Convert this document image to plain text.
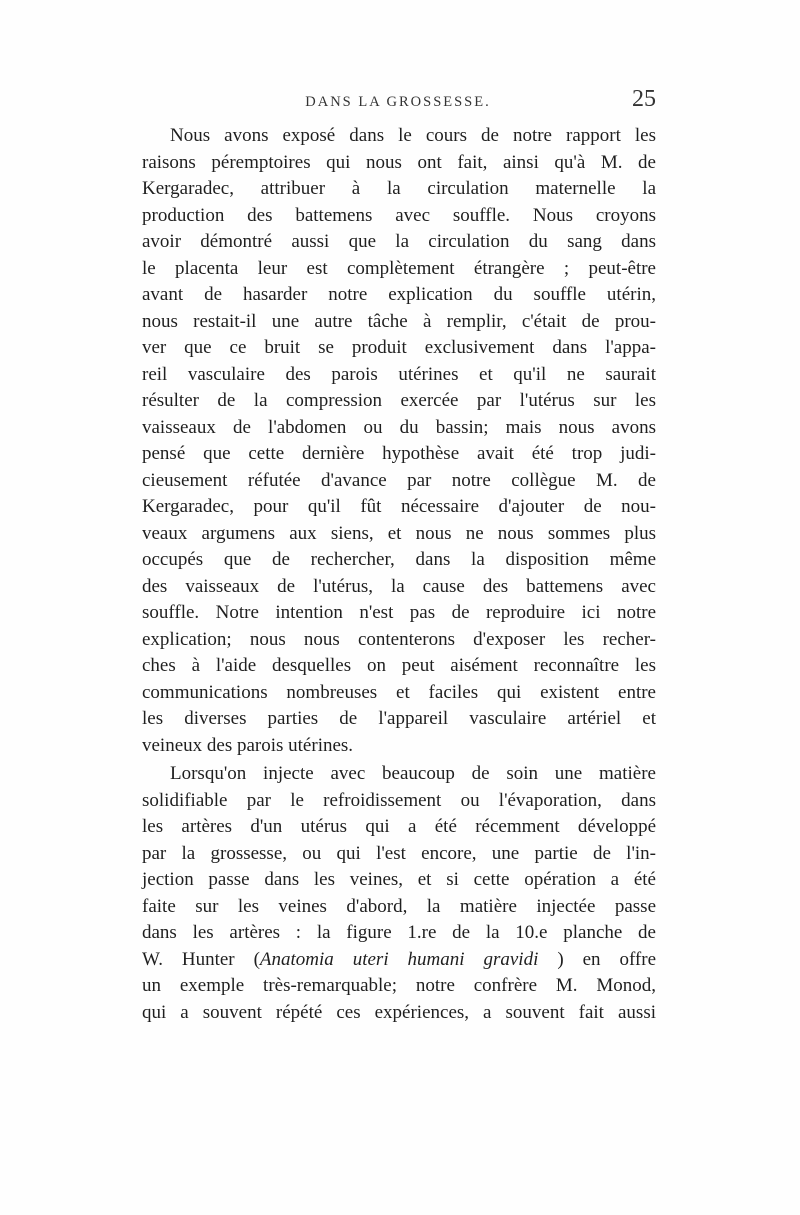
DANS LA GROSSESSE.	25
Nous avons exposé dans le cours de notre rapport les
raisons péremptoires qui nous ont fait, ainsi qu'à M. de
Kergaradec, attribuer à la circulation maternelle la
production des battemens avec souffle. Nous croyons
avoir démontré aussi que la circulation du sang dans
le placenta leur est complètement étrangère ; peut-être
avant de hasarder notre explication du souffle utérin,
nous restait-il une autre tâche à remplir, c'était de prou-
ver que ce bruit se produit exclusivement dans l'appa-
reil vasculaire des parois utérines et qu'il ne saurait
résulter de la compression exercée par l'utérus sur les
vaisseaux de l'abdomen ou du bassin; mais nous avons
pensé que cette dernière hypothèse avait été trop judi-
cieusement réfutée d'avance par notre collègue M. de
Kergaradec, pour qu'il fût nécessaire d'ajouter de nou-
veaux argumens aux siens, et nous ne nous sommes plus
occupés que de rechercher, dans la disposition même
des vaisseaux de l'utérus, la cause des battemens avec
souffle. Notre intention n'est pas de reproduire ici notre
explication; nous nous contenterons d'exposer les recher-
ches à l'aide desquelles on peut aisément reconnaître les
communications nombreuses et faciles qui existent entre
les diverses parties de l'appareil vasculaire artériel et
veineux des parois utérines.
Lorsqu'on injecte avec beaucoup de soin une matière
solidifiable par le refroidissement ou l'évaporation, dans
les artères d'un utérus qui a été récemment développé
par la grossesse, ou qui l'est encore, une partie de l'in-
jection passe dans les veines, et si cette opération a été
faite sur les veines d'abord, la matière injectée passe
dans les artères : la figure 1.re de la 10.e planche de
W. Hunter (Anatomia uteri humani gravidi ) en offre
un exemple très-remarquable; notre confrère M. Monod,
qui a souvent répété ces expériences, a souvent fait aussi
